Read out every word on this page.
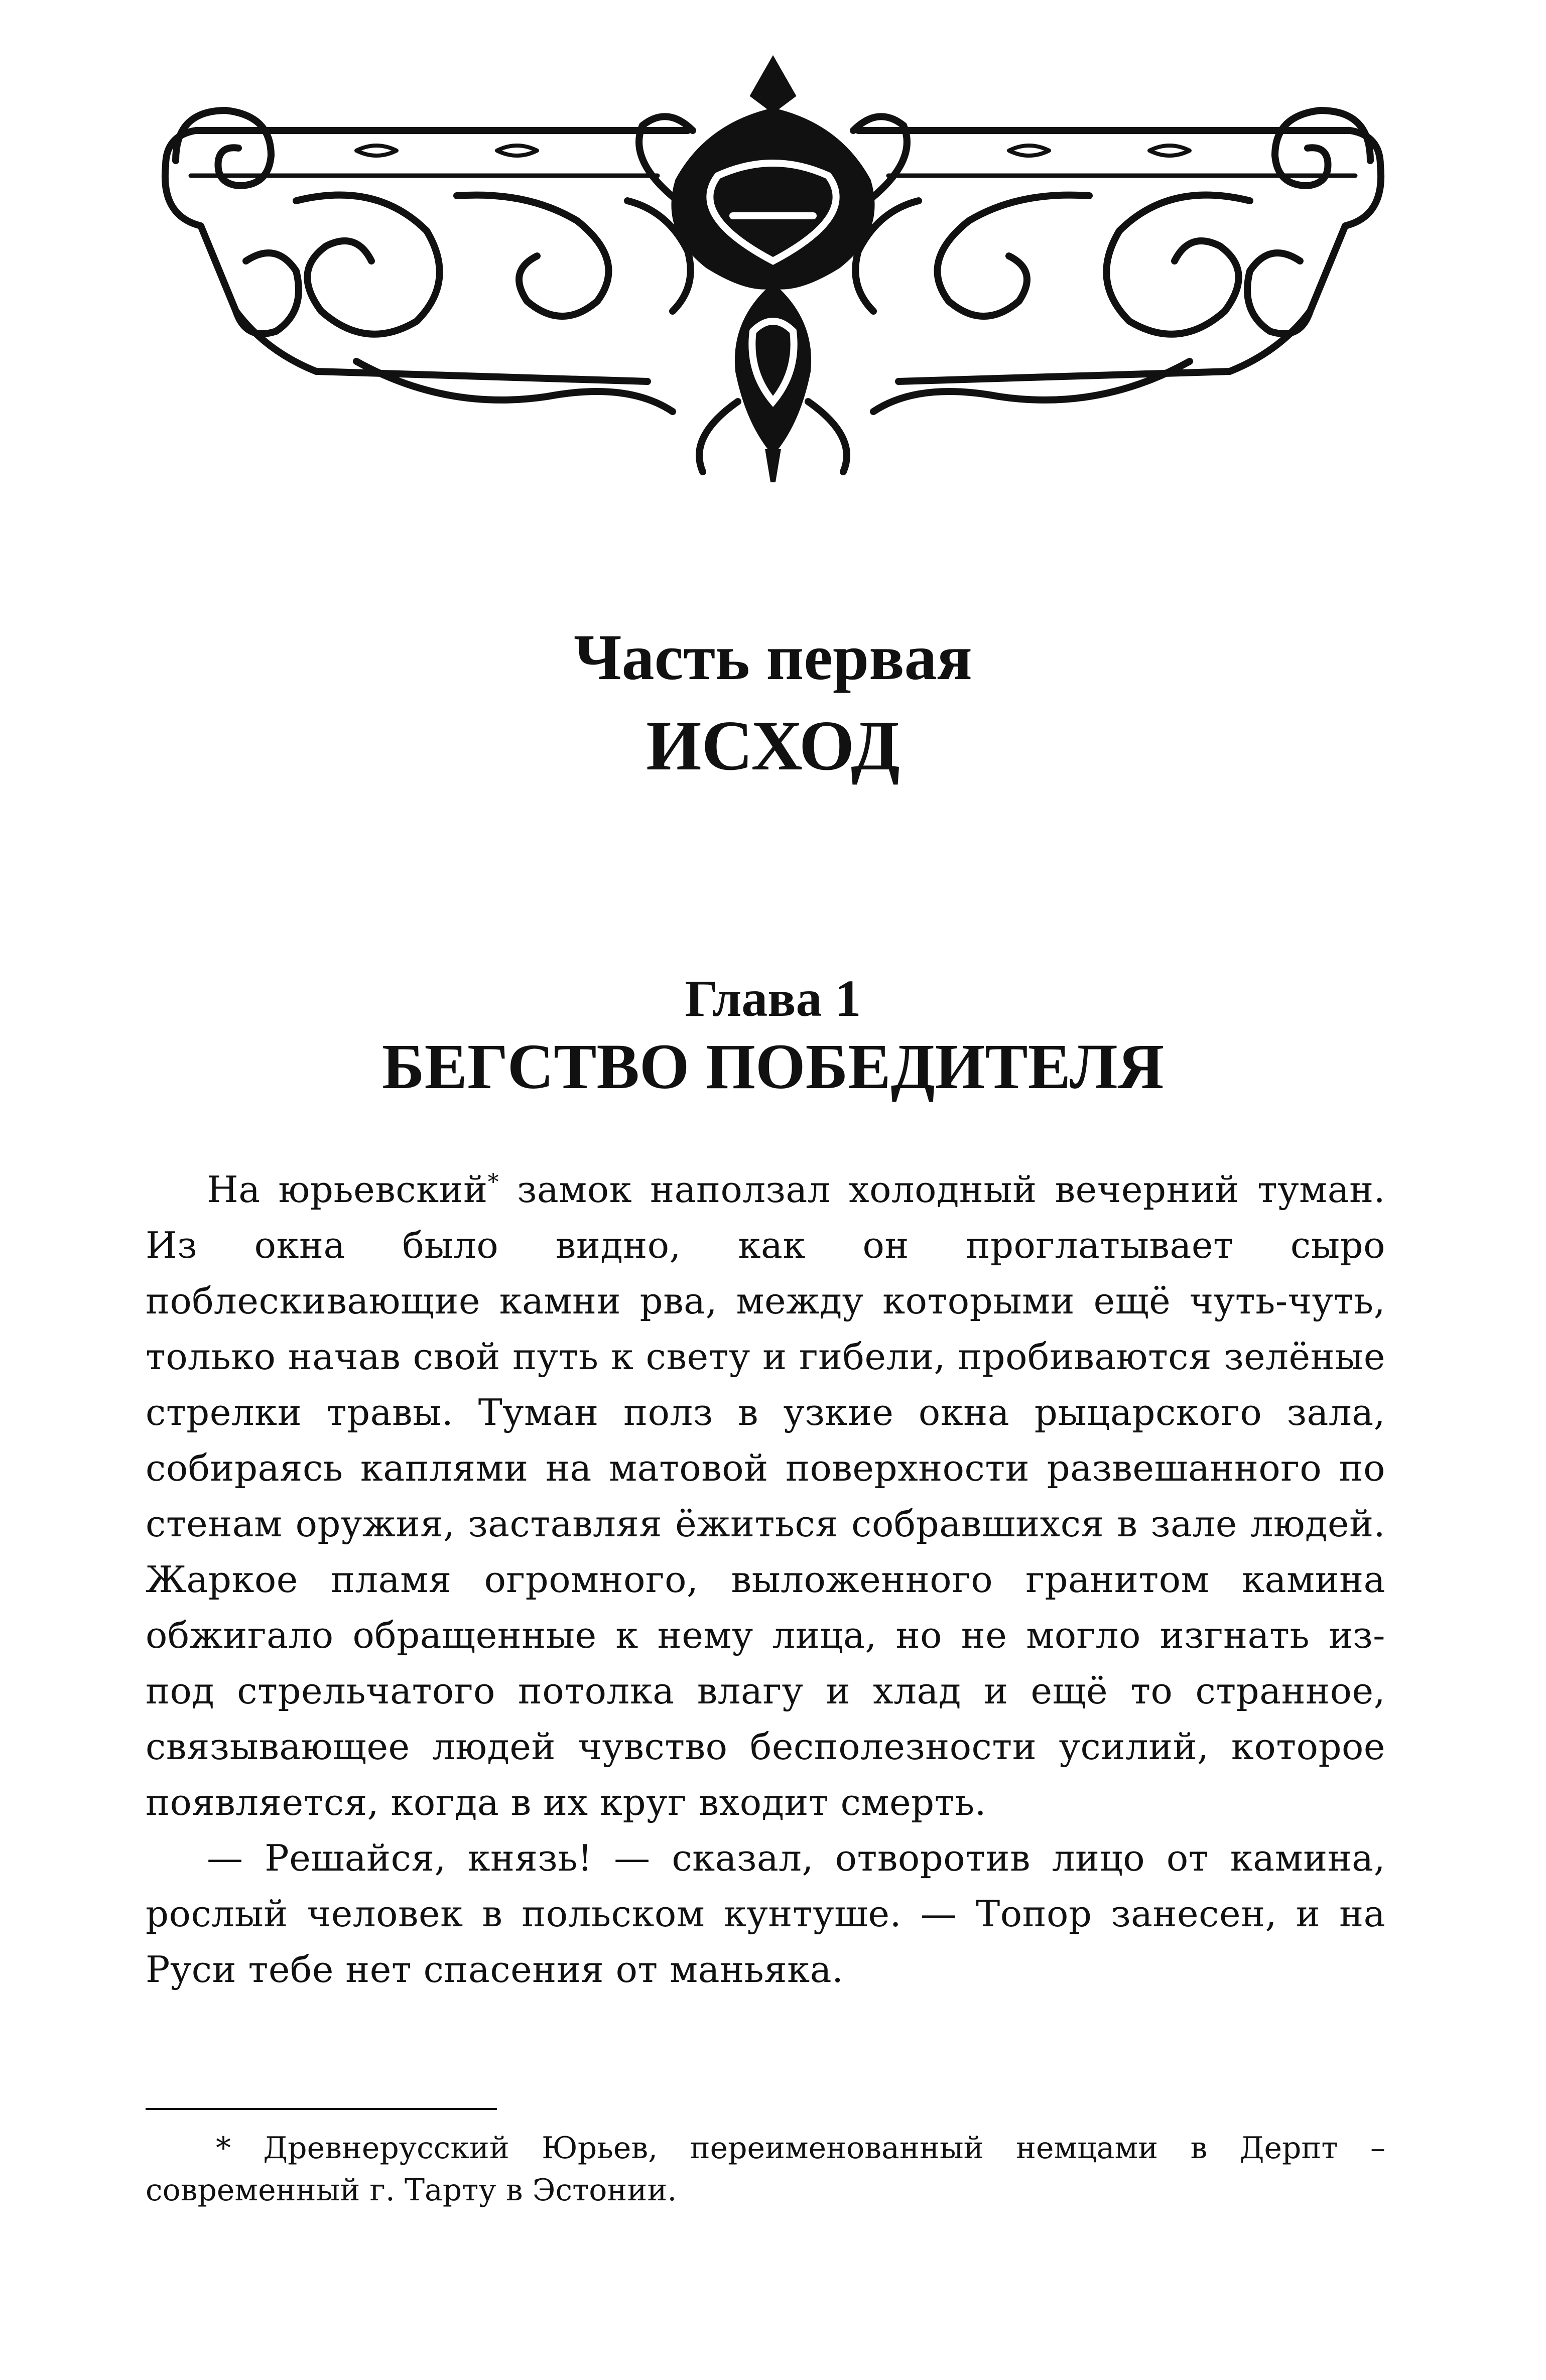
Часть первая
ИСХОД
Глава 1
БЕГСТВО ПОБЕДИТЕЛЯ

На юрьевский* замок наползал холодный вечерний туман. Из окна было видно, как он проглатывает сыро поблескивающие камни рва, между которыми ещё чуть-чуть, только начав свой путь к свету и гибели, пробиваются зелёные стрелки травы. Туман полз в узкие окна рыцарского зала, собираясь каплями на матовой поверхности развешанного по стенам оружия, заставляя ёжиться собравшихся в зале людей. Жаркое пламя огромного, выложенного гранитом камина обжигало обращенные к нему лица, но не могло изгнать из-под стрельчатого потолка влагу и хлад и ещё то странное, связывающее людей чувство бесполезности усилий, которое появляется, когда в их круг входит смерть.

— Решайся, князь! — сказал, отворотив лицо от камина, рослый человек в польском кунтуше. — Топор занесен, и на Руси тебе нет спасения от маньяка.

* Древнерусский Юрьев, переименованный немцами в Дерпт – современный г. Тарту в Эстонии.
